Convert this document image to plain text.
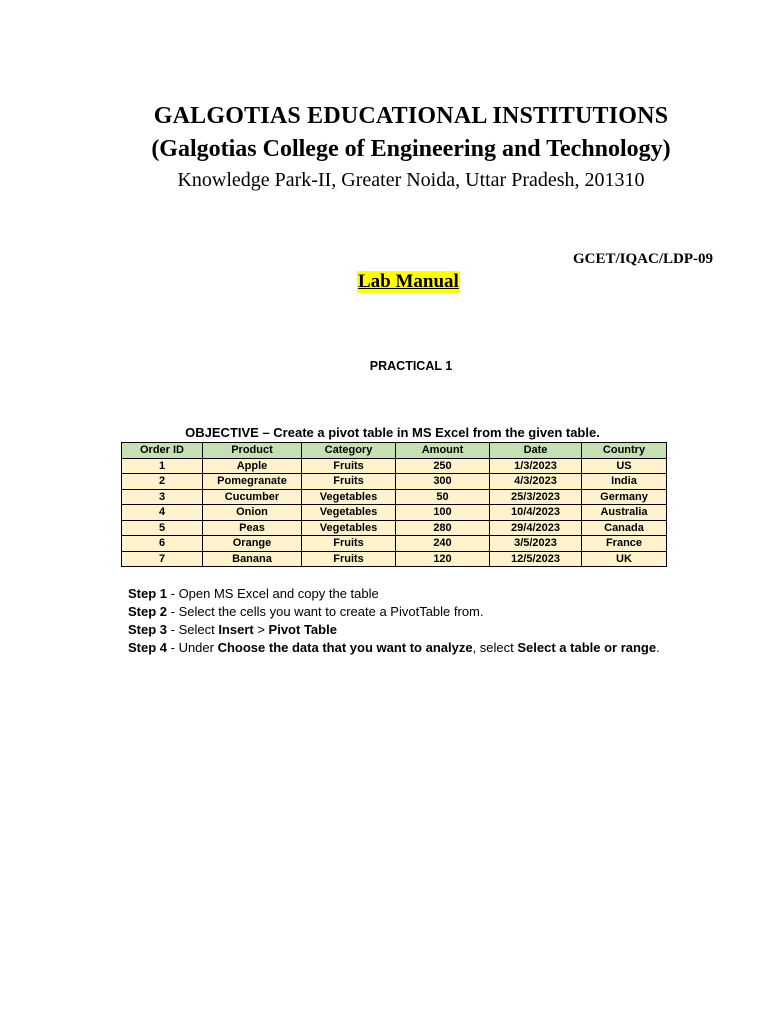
GALGOTIAS EDUCATIONAL INSTITUTIONS
(Galgotias College of Engineering and Technology)
Knowledge Park-II, Greater Noida, Uttar Pradesh, 201310
GCET/IQAC/LDP-09
Lab Manual
PRACTICAL 1
OBJECTIVE – Create a pivot table in MS Excel from the given table.
Order ID	Product	Category	Amount	Date	Country
1	Apple	Fruits	250	1/3/2023	US
2	Pomegranate	Fruits	300	4/3/2023	India
3	Cucumber	Vegetables	50	25/3/2023	Germany
4	Onion	Vegetables	100	10/4/2023	Australia
5	Peas	Vegetables	280	29/4/2023	Canada
6	Orange	Fruits	240	3/5/2023	France
7	Banana	Fruits	120	12/5/2023	UK

Step 1 - Open MS Excel and copy the table

Step 2 - Select the cells you want to create a PivotTable from.

Step 3 - Select Insert > Pivot Table

Step 4 - Under Choose the data that you want to analyze, select Select a table or range.
